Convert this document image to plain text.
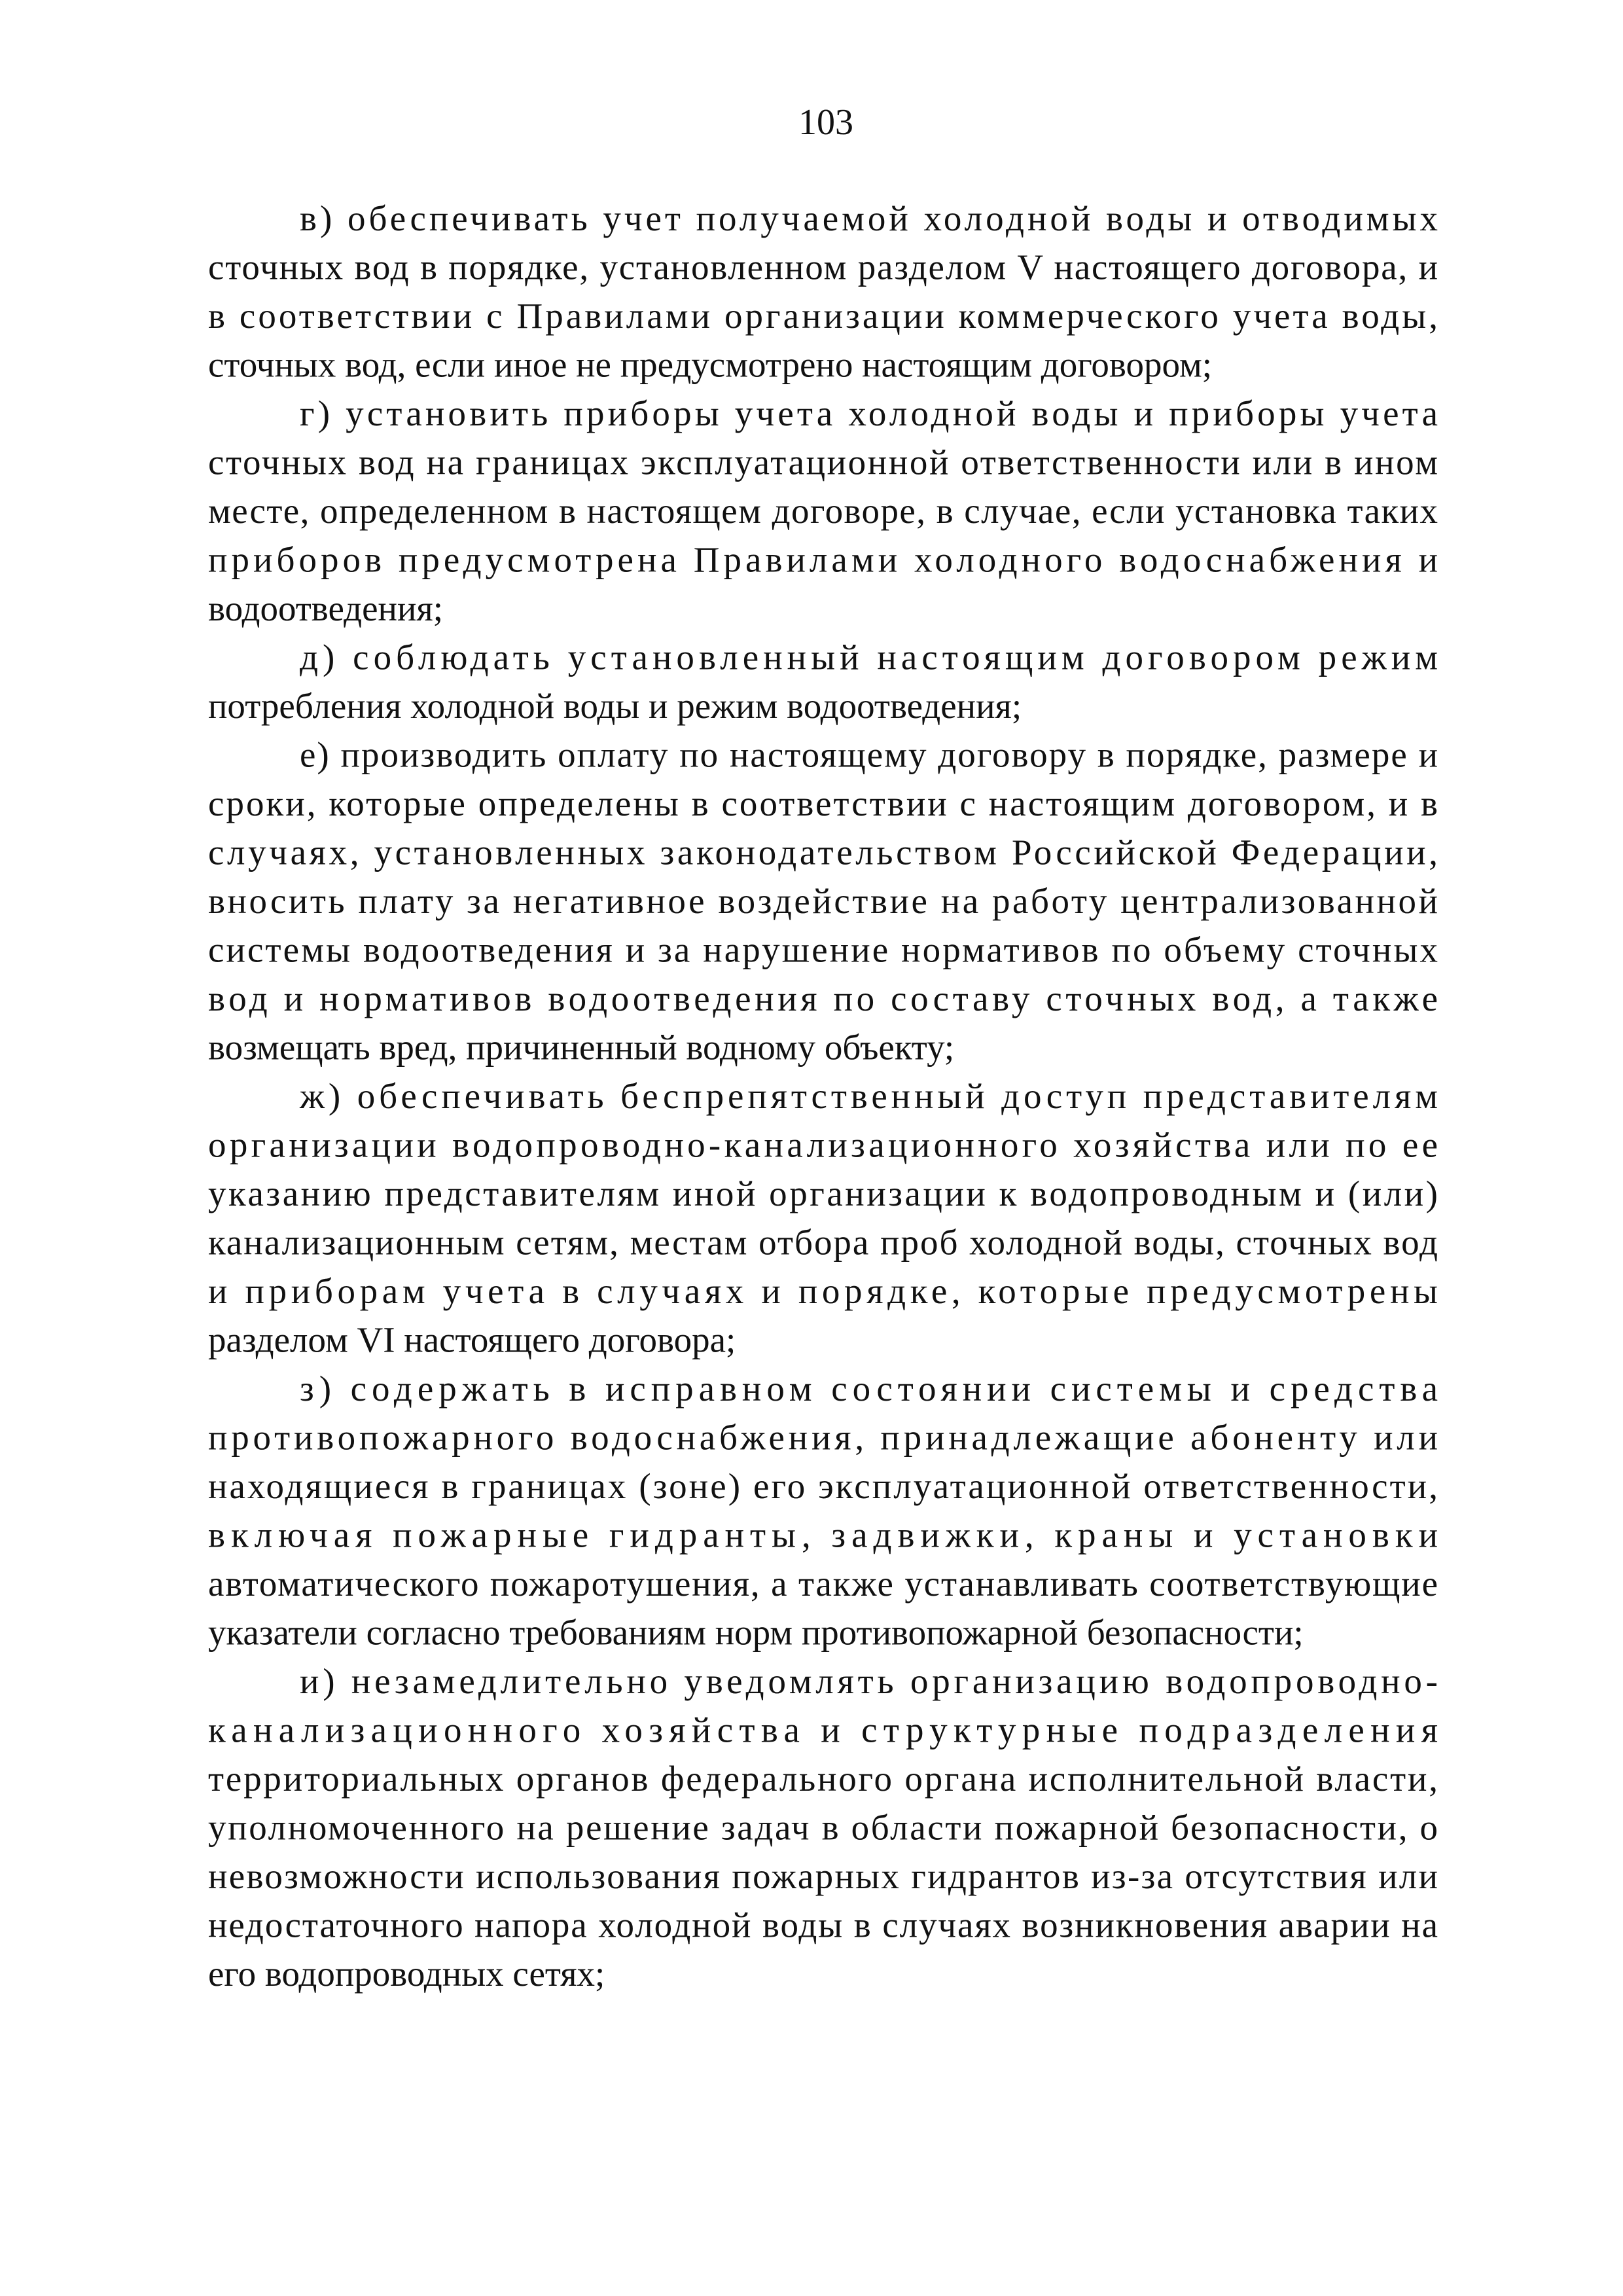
103
в) обеспечивать учет получаемой холодной воды и отводимых
сточных вод в порядке, установленном разделом V настоящего договора, и
в соответствии с Правилами организации коммерческого учета воды,
сточных вод, если иное не предусмотрено настоящим договором;
г) установить приборы учета холодной воды и приборы учета
сточных вод на границах эксплуатационной ответственности или в ином
месте, определенном в настоящем договоре, в случае, если установка таких
приборов предусмотрена Правилами холодного водоснабжения и
водоотведения;
д) соблюдать установленный настоящим договором режим
потребления холодной воды и режим водоотведения;
е) производить оплату по настоящему договору в порядке, размере и
сроки, которые определены в соответствии с настоящим договором, и в
случаях, установленных законодательством Российской Федерации,
вносить плату за негативное воздействие на работу централизованной
системы водоотведения и за нарушение нормативов по объему сточных
вод и нормативов водоотведения по составу сточных вод, а также
возмещать вред, причиненный водному объекту;
ж) обеспечивать беспрепятственный доступ представителям
организации водопроводно-канализационного хозяйства или по ее
указанию представителям иной организации к водопроводным и (или)
канализационным сетям, местам отбора проб холодной воды, сточных вод
и приборам учета в случаях и порядке, которые предусмотрены
разделом VI настоящего договора;
з) содержать в исправном состоянии системы и средства
противопожарного водоснабжения, принадлежащие абоненту или
находящиеся в границах (зоне) его эксплуатационной ответственности,
включая пожарные гидранты, задвижки, краны и установки
автоматического пожаротушения, а также устанавливать соответствующие
указатели согласно требованиям норм противопожарной безопасности;
и) незамедлительно уведомлять организацию водопроводно-
канализационного хозяйства и структурные подразделения
территориальных органов федерального органа исполнительной власти,
уполномоченного на решение задач в области пожарной безопасности, о
невозможности использования пожарных гидрантов из-за отсутствия или
недостаточного напора холодной воды в случаях возникновения аварии на
его водопроводных сетях;
